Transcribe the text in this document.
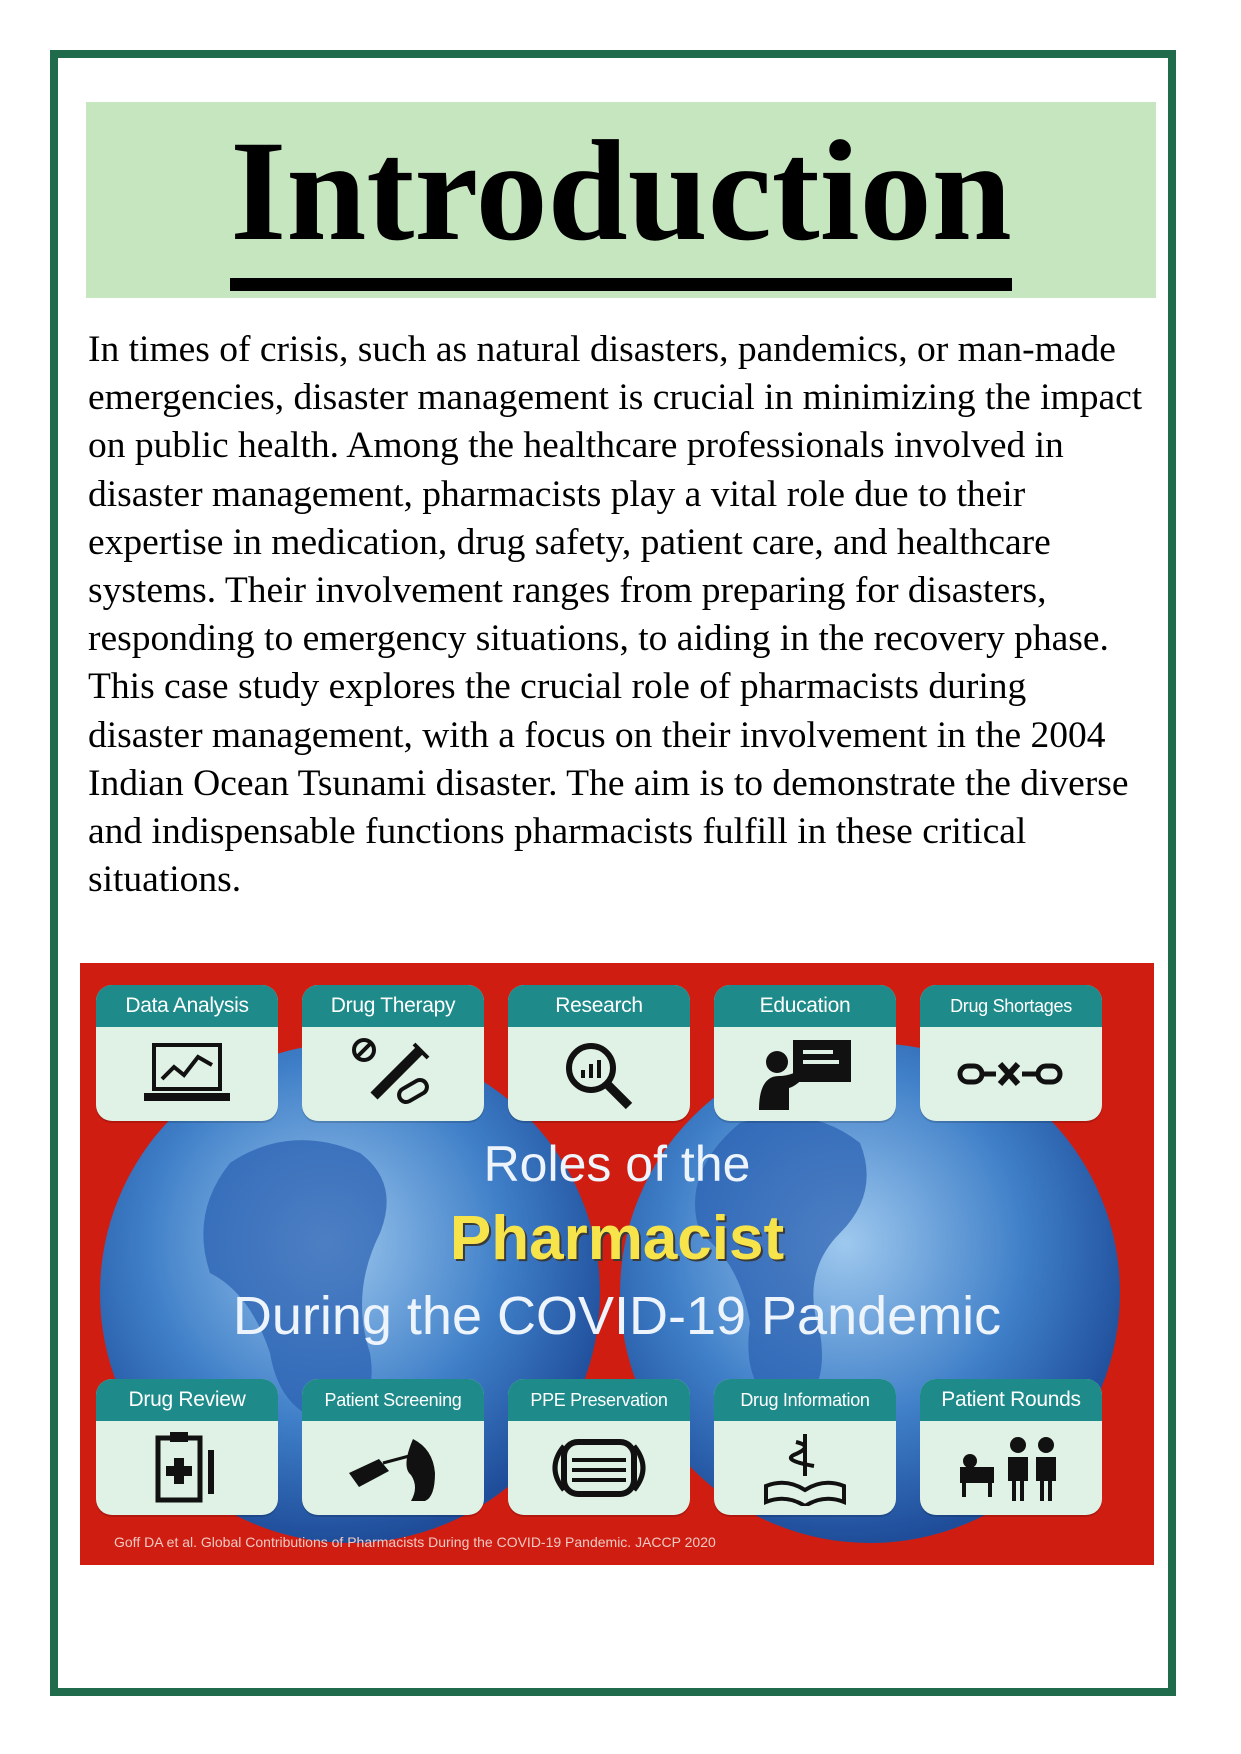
Introduction

In times of crisis, such as natural disasters, pandemics, or man-made emergencies, disaster management is crucial in minimizing the impact on public health. Among the healthcare professionals involved in disaster management, pharmacists play a vital role due to their expertise in medication, drug safety, patient care, and healthcare systems. Their involvement ranges from preparing for disasters, responding to emergency situations, to aiding in the recovery phase. This case study explores the crucial role of pharmacists during disaster management, with a focus on their involvement in the 2004 Indian Ocean Tsunami disaster. The aim is to demonstrate the diverse and indispensable functions pharmacists fulfill in these critical situations.

Data Analysis	Drug Therapy	Research	Education	Drug Shortages
Roles of the
Pharmacist
During the COVID-19 Pandemic
Drug Review	Patient Screening	PPE Preservation	Drug Information	Patient Rounds
Goff DA et al. Global Contributions of Pharmacists During the COVID-19 Pandemic. JACCP 2020
